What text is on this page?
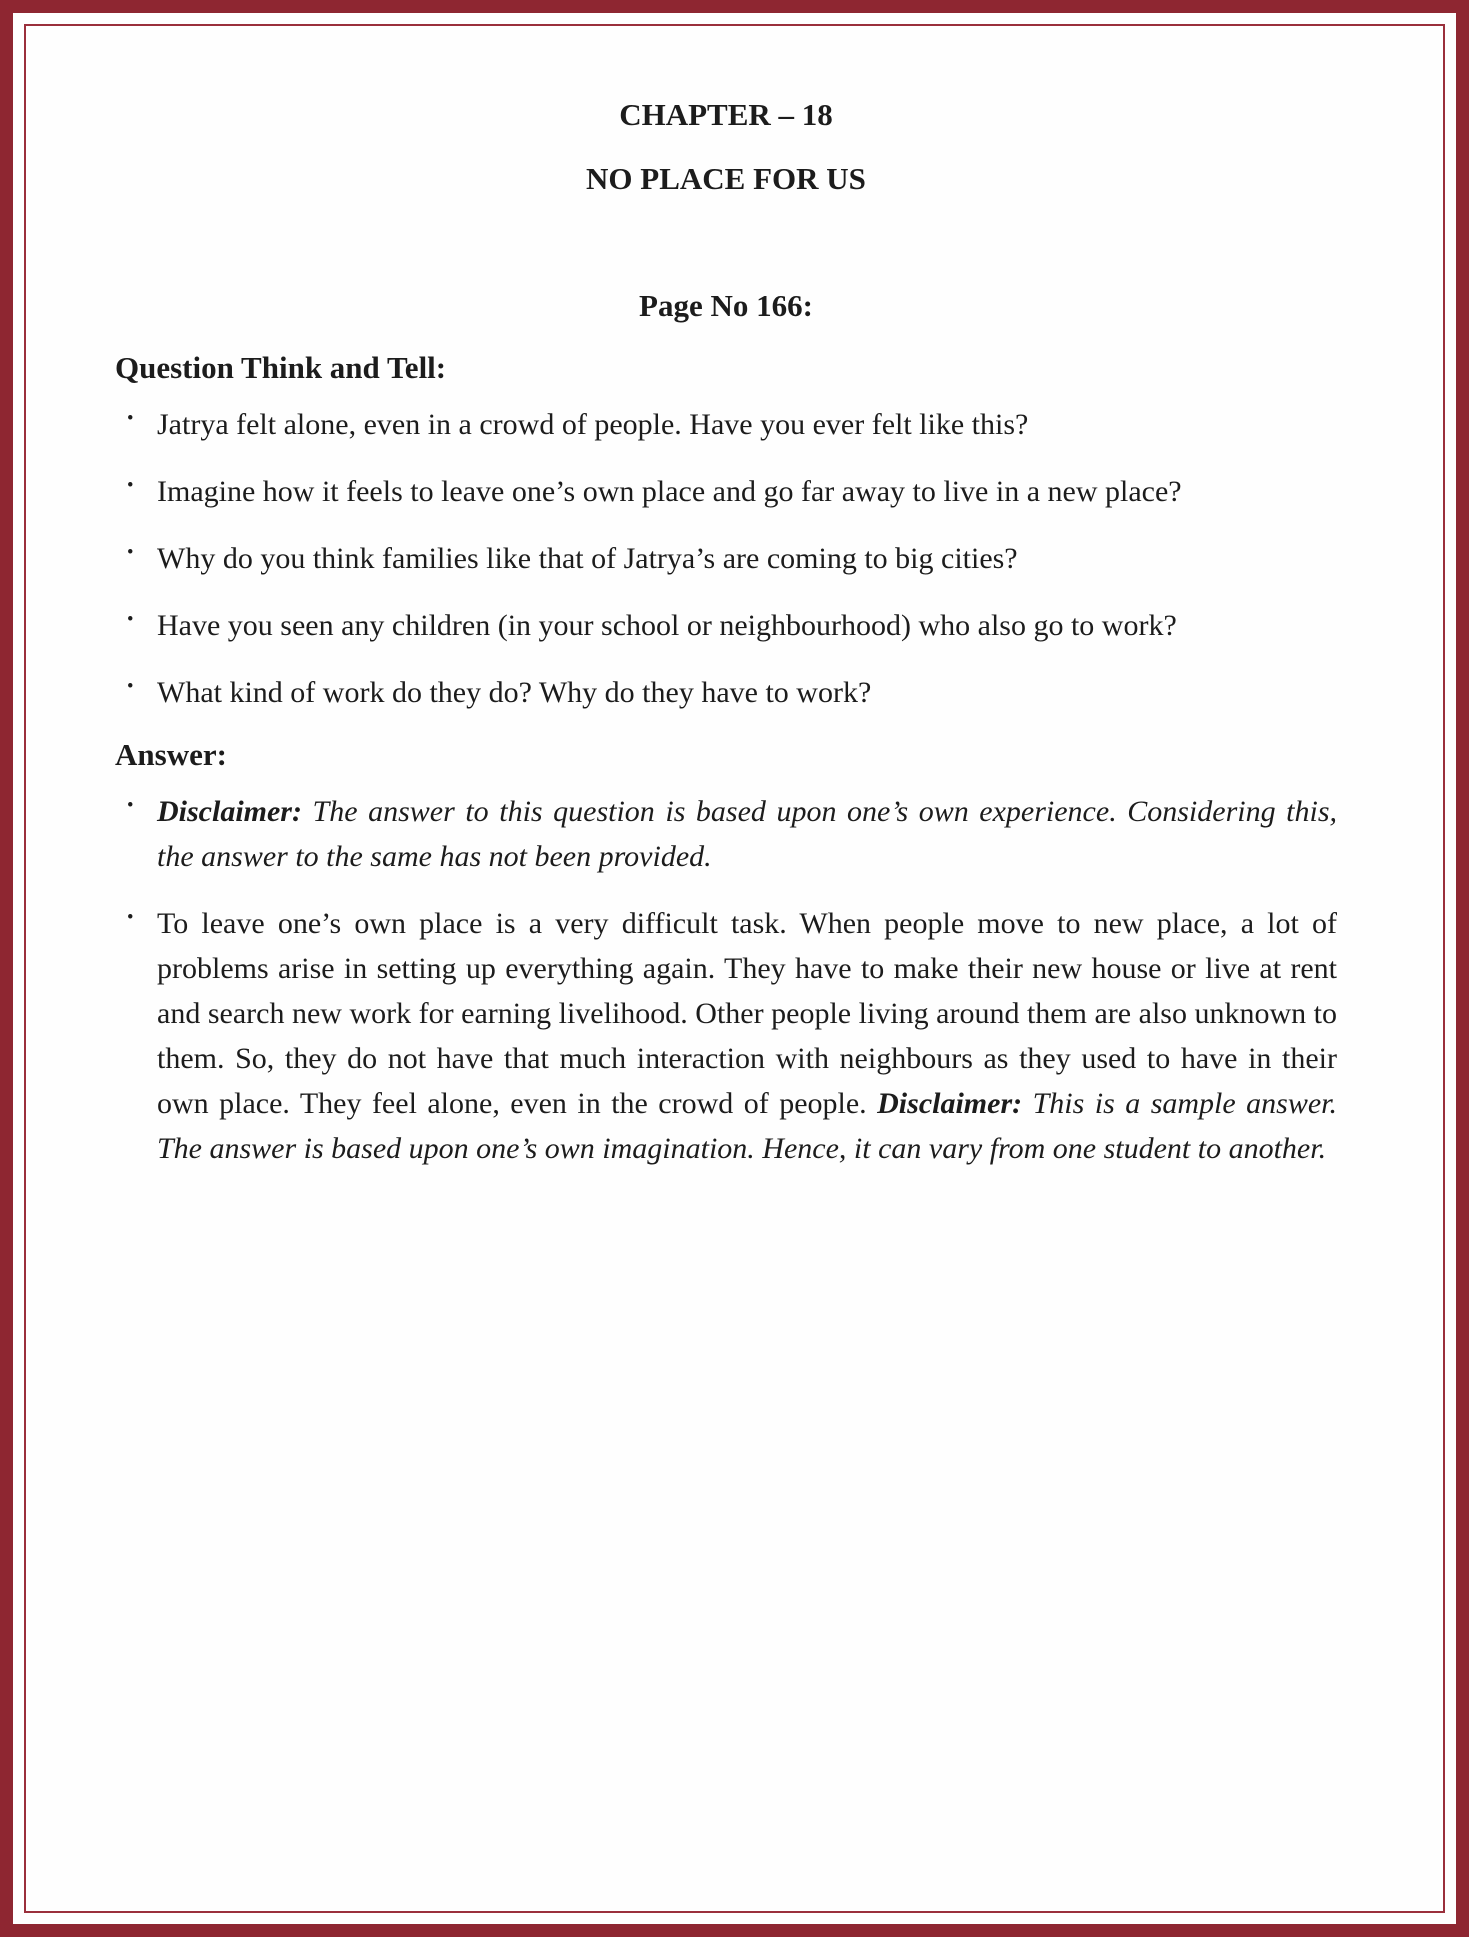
CHAPTER – 18
NO PLACE FOR US
Page No 166:
Question Think and Tell:
• Jatrya felt alone, even in a crowd of people. Have you ever felt like this?
• Imagine how it feels to leave one’s own place and go far away to live in a new place?
• Why do you think families like that of Jatrya’s are coming to big cities?
• Have you seen any children (in your school or neighbourhood) who also go to work?
• What kind of work do they do? Why do they have to work?
Answer:
• Disclaimer: The answer to this question is based upon one’s own experience. Considering this, the answer to the same has not been provided.
• To leave one’s own place is a very difficult task. When people move to new place, a lot of problems arise in setting up everything again. They have to make their new house or live at rent and search new work for earning livelihood. Other people living around them are also unknown to them. So, they do not have that much interaction with neighbours as they used to have in their own place. They feel alone, even in the crowd of people. Disclaimer: This is a sample answer. The answer is based upon one’s own imagination. Hence, it can vary from one student to another.
